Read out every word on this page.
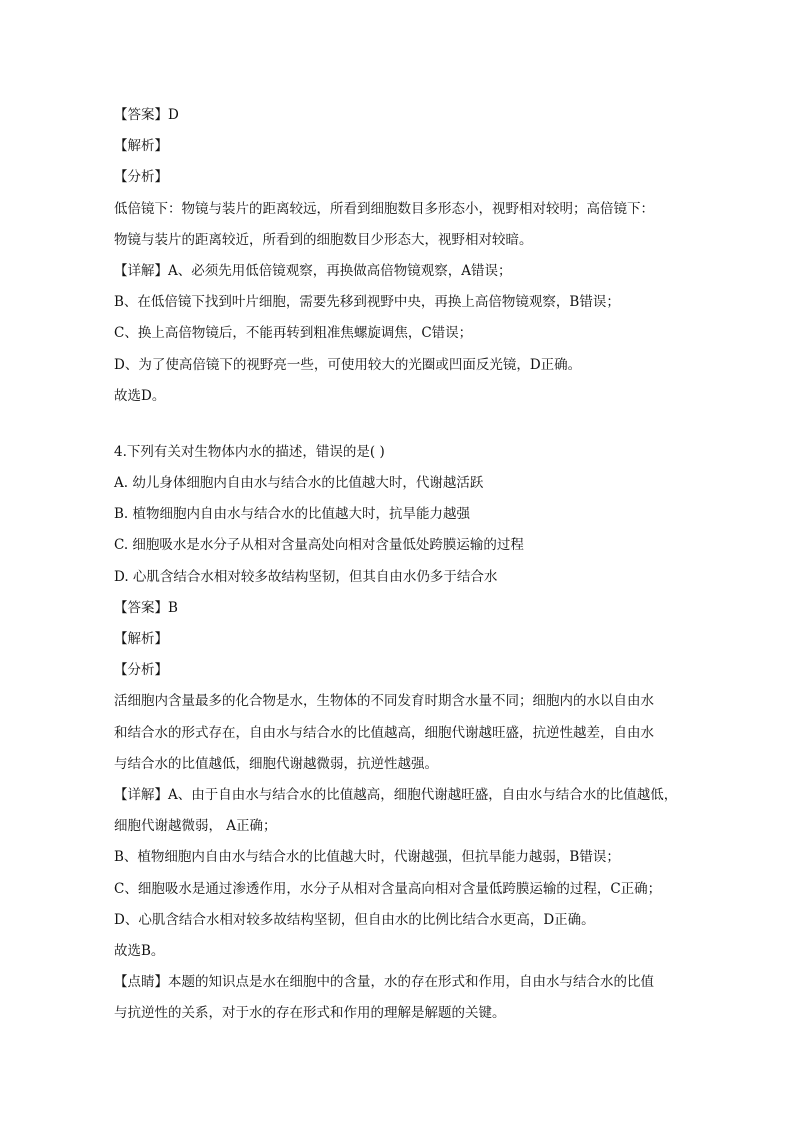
【答案】D
【解析】
【分析】
低倍镜下：物镜与装片的距离较远，所看到细胞数目多形态小，视野相对较明；高倍镜下：
物镜与装片的距离较近，所看到的细胞数目少形态大，视野相对较暗。
【详解】A、必须先用低倍镜观察，再换做高倍物镜观察，A错误；
B、在低倍镜下找到叶片细胞，需要先移到视野中央，再换上高倍物镜观察，B错误；
C、换上高倍物镜后，不能再转到粗准焦螺旋调焦，C错误；
D、为了使高倍镜下的视野亮一些，可使用较大的光圈或凹面反光镜，D正确。
故选D。
4.下列有关对生物体内水的描述，错误的是( )
A. 幼儿身体细胞内自由水与结合水的比值越大时，代谢越活跃
B. 植物细胞内自由水与结合水的比值越大时，抗旱能力越强
C. 细胞吸水是水分子从相对含量高处向相对含量低处跨膜运输的过程
D. 心肌含结合水相对较多故结构坚韧，但其自由水仍多于结合水
【答案】B
【解析】
【分析】
活细胞内含量最多的化合物是水，生物体的不同发育时期含水量不同；细胞内的水以自由水
和结合水的形式存在，自由水与结合水的比值越高，细胞代谢越旺盛，抗逆性越差，自由水
与结合水的比值越低，细胞代谢越微弱，抗逆性越强。
【详解】A、由于自由水与结合水的比值越高，细胞代谢越旺盛，自由水与结合水的比值越低，
细胞代谢越微弱， A正确；
B、植物细胞内自由水与结合水的比值越大时，代谢越强，但抗旱能力越弱，B错误；
C、细胞吸水是通过渗透作用，水分子从相对含量高向相对含量低跨膜运输的过程，C正确；
D、心肌含结合水相对较多故结构坚韧，但自由水的比例比结合水更高，D正确。
故选B。
【点睛】本题的知识点是水在细胞中的含量，水的存在形式和作用，自由水与结合水的比值
与抗逆性的关系，对于水的存在形式和作用的理解是解题的关键。
